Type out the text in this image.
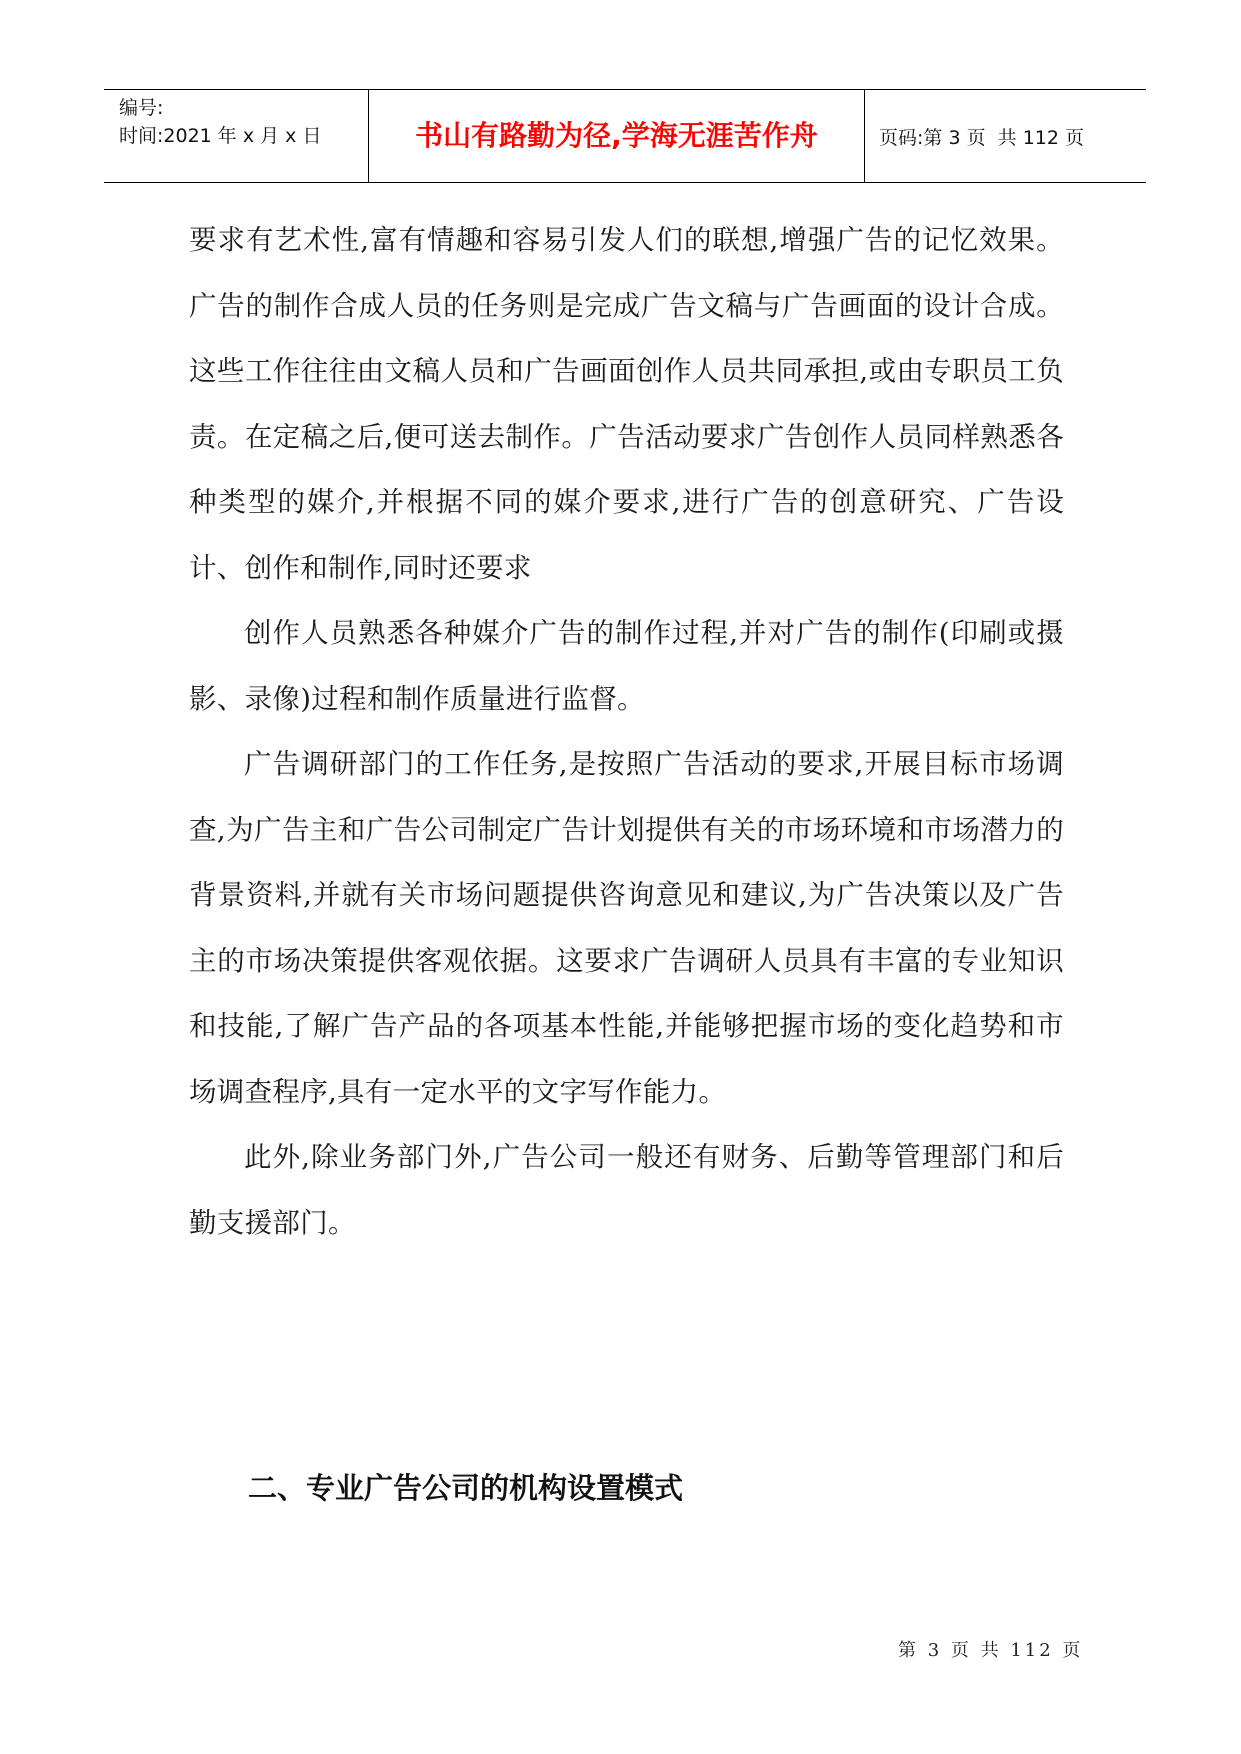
编号:
时间:2021 年 x 月 x 日	书山有路勤为径,学海无涯苦作舟	页码:第 3 页  共 112 页

要求有艺术性,富有情趣和容易引发人们的联想,增强广告的记忆效果。广告的制作合成人员的任务则是完成广告文稿与广告画面的设计合成。这些工作往往由文稿人员和广告画面创作人员共同承担,或由专职员工负责。在定稿之后,便可送去制作。广告活动要求广告创作人员同样熟悉各种类型的媒介,并根据不同的媒介要求,进行广告的创意研究、广告设计、创作和制作,同时还要求

创作人员熟悉各种媒介广告的制作过程,并对广告的制作(印刷或摄影、录像)过程和制作质量进行监督。

广告调研部门的工作任务,是按照广告活动的要求,开展目标市场调查,为广告主和广告公司制定广告计划提供有关的市场环境和市场潜力的背景资料,并就有关市场问题提供咨询意见和建议,为广告决策以及广告主的市场决策提供客观依据。这要求广告调研人员具有丰富的专业知识和技能,了解广告产品的各项基本性能,并能够把握市场的变化趋势和市场调查程序,具有一定水平的文字写作能力。

此外,除业务部门外,广告公司一般还有财务、后勤等管理部门和后勤支援部门。

二、专业广告公司的机构设置模式
第 3 页 共 112 页
